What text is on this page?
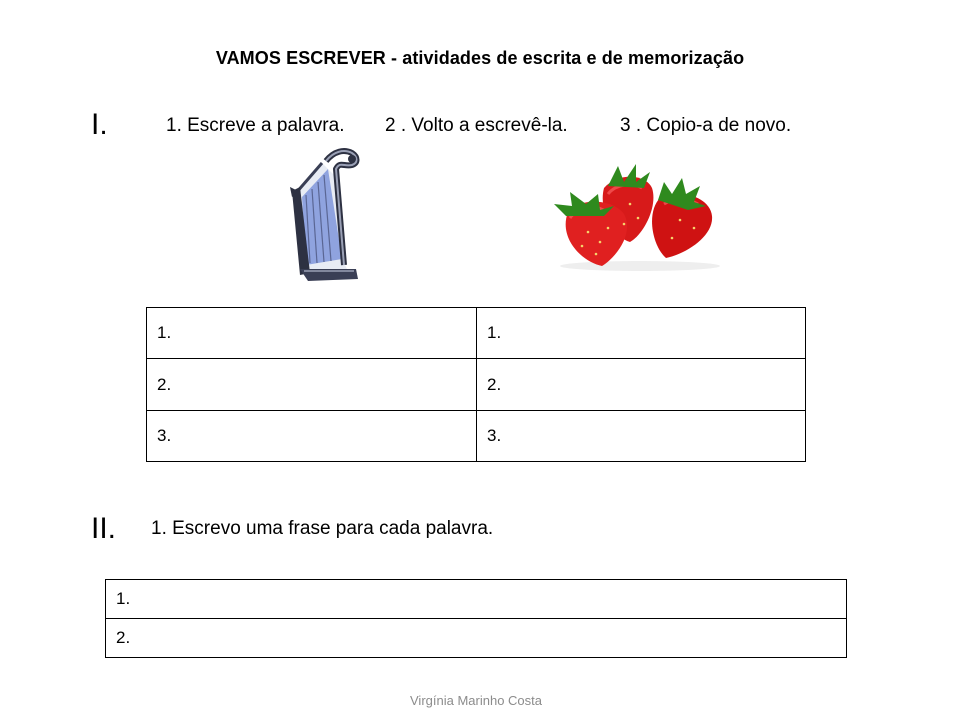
VAMOS ESCREVER - atividades de escrita e de memorização
I.	1. Escreve a palavra. 2 . Volto a escrevê-la.	3 . Copio-a de novo.
1.	1.
2.	2.
3.	3.
II. 1. Escrevo uma frase para cada palavra.
1.
2.
Virgínia Marinho Costa
